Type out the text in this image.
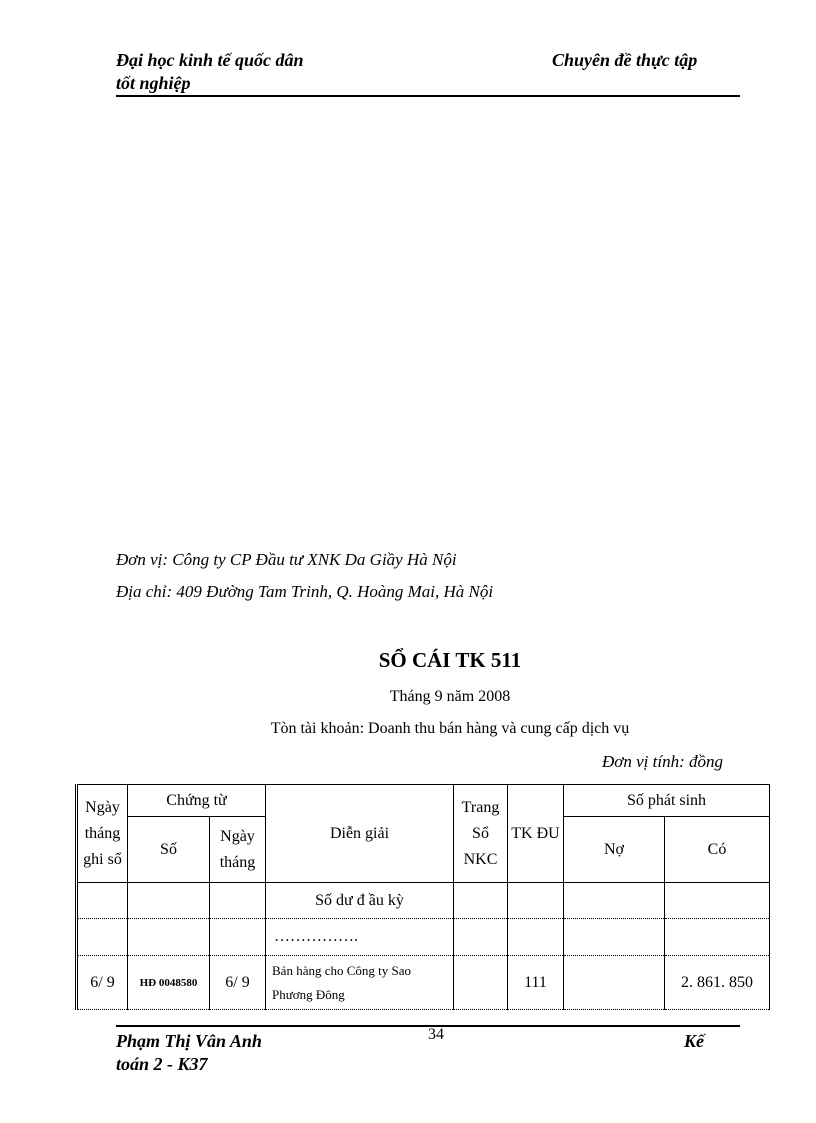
Đại học kinh tế quốc dân
tốt nghiệp
Chuyên đề thực tập
Đơn vị: Công ty CP Đầu tư XNK Da Giầy Hà Nội
Địa chỉ: 409 Đường Tam Trinh, Q. Hoàng Mai, Hà Nội
SỔ CÁI TK 511
Tháng 9 năm 2008
Tòn tài khoản: Doanh thu bán hàng và cung cấp dịch vụ
Đơn vị tính: đồng
Ngày tháng ghi sổ	Chứng từ		Diễn giải	Trang Sổ NKC	TK ĐU	Số phát sinh	
	Số	Ngày tháng				Nợ	Có
			Số dư đ ầu kỳ				
			…………….				
6/ 9	HĐ 0048580	6/ 9	Bán hàng cho Công ty Sao Phương Đông		111		2. 861. 850
Phạm Thị Vân Anh
toán 2 - K37
34	Kế
